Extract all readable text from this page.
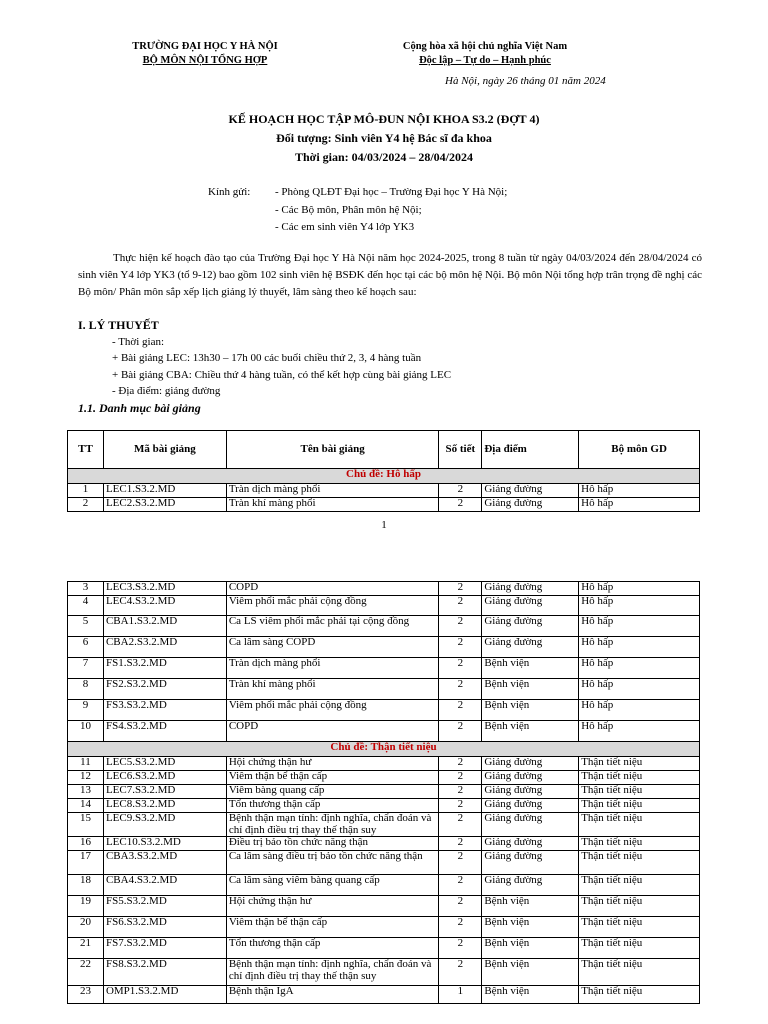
TRƯỜNG ĐẠI HỌC Y HÀ NỘI
BỘ MÔN NỘI TỔNG HỢP
Cộng hòa xã hội chủ nghĩa Việt Nam
Độc lập – Tự do – Hạnh phúc
Hà Nội, ngày 26 tháng 01 năm 2024
KẾ HOẠCH HỌC TẬP MÔ-ĐUN NỘI KHOA S3.2 (ĐỢT 4)
Đối tượng: Sinh viên Y4 hệ Bác sĩ đa khoa
Thời gian: 04/03/2024 – 28/04/2024
Kính gửi: - Phòng QLĐT Đại học – Trường Đại học Y Hà Nội;
- Các Bộ môn, Phân môn hệ Nội;
- Các em sinh viên Y4 lớp YK3
Thực hiện kế hoạch đào tạo của Trường Đại học Y Hà Nội năm học 2024-2025, trong 8 tuần từ ngày 04/03/2024 đến 28/04/2024 có sinh viên Y4 lớp YK3 (tổ 9-12) bao gồm 102 sinh viên hệ BSĐK đến học tại các bộ môn hệ Nội. Bộ môn Nội tổng hợp trân trọng đề nghị các Bộ môn/ Phân môn sắp xếp lịch giảng lý thuyết, lâm sàng theo kế hoạch sau:
I. LÝ THUYẾT
- Thời gian:
+ Bài giảng LEC: 13h30 – 17h 00 các buổi chiều thứ 2, 3, 4 hàng tuần
+ Bài giảng CBA: Chiều thứ 4 hàng tuần, có thể kết hợp cùng bài giảng LEC
- Địa điểm: giảng đường
1.1. Danh mục bài giảng
TT	Mã bài giảng	Tên bài giảng	Số tiết	Địa điểm	Bộ môn GD
Chủ đề: Hô hấp					
1	LEC1.S3.2.MD	Tràn dịch màng phổi	2	Giảng đường	Hô hấp
2	LEC2.S3.2.MD	Tràn khí màng phổi	2	Giảng đường	Hô hấp
1
3	LEC3.S3.2.MD	COPD	2	Giảng đường	Hô hấp
4	LEC4.S3.2.MD	Viêm phổi mắc phải cộng đồng	2	Giảng đường	Hô hấp
5	CBA1.S3.2.MD	Ca LS viêm phổi mắc phải tại cộng đồng	2	Giảng đường	Hô hấp
6	CBA2.S3.2.MD	Ca lâm sàng COPD	2	Giảng đường	Hô hấp
7	FS1.S3.2.MD	Tràn dịch màng phổi	2	Bệnh viện	Hô hấp
8	FS2.S3.2.MD	Tràn khí màng phổi	2	Bệnh viện	Hô hấp
9	FS3.S3.2.MD	Viêm phổi mắc phải cộng đồng	2	Bệnh viện	Hô hấp
10	FS4.S3.2.MD	COPD	2	Bệnh viện	Hô hấp
Chủ đề: Thận tiết niệu					
11	LEC5.S3.2.MD	Hội chứng thận hư	2	Giảng đường	Thận tiết niệu
12	LEC6.S3.2.MD	Viêm thận bể thận cấp	2	Giảng đường	Thận tiết niệu
13	LEC7.S3.2.MD	Viêm bàng quang cấp	2	Giảng đường	Thận tiết niệu
14	LEC8.S3.2.MD	Tổn thương thận cấp	2	Giảng đường	Thận tiết niệu
15	LEC9.S3.2.MD	Bệnh thận mạn tính: định nghĩa, chẩn đoán và chỉ định điều trị thay thế thận suy	2	Giảng đường	Thận tiết niệu
16	LEC10.S3.2.MD	Điều trị bảo tồn chức năng thận	2	Giảng đường	Thận tiết niệu
17	CBA3.S3.2.MD	Ca lâm sàng điều trị bảo tồn chức năng thận	2	Giảng đường	Thận tiết niệu
18	CBA4.S3.2.MD	Ca lâm sàng viêm bàng quang cấp	2	Giảng đường	Thận tiết niệu
19	FS5.S3.2.MD	Hội chứng thận hư	2	Bệnh viện	Thận tiết niệu
20	FS6.S3.2.MD	Viêm thận bể thận cấp	2	Bệnh viện	Thận tiết niệu
21	FS7.S3.2.MD	Tổn thương thận cấp	2	Bệnh viện	Thận tiết niệu
22	FS8.S3.2.MD	Bệnh thận mạn tính: định nghĩa, chẩn đoán và chỉ định điều trị thay thế thận suy	2	Bệnh viện	Thận tiết niệu
23	OMP1.S3.2.MD	Bệnh thận IgA	1	Bệnh viện	Thận tiết niệu
